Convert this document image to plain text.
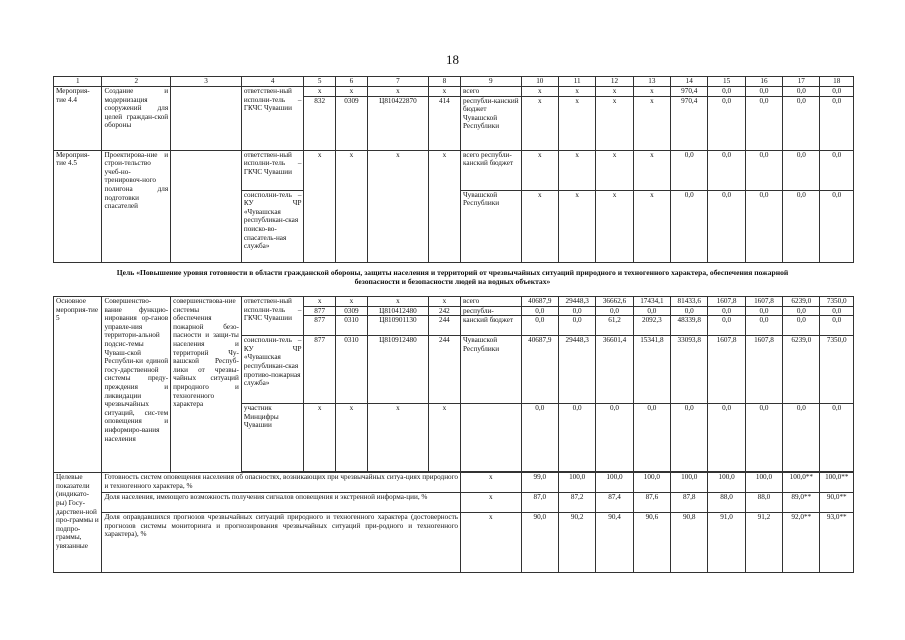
18
1	2	3	4	5	6	7	8	9	10	11	12	13	14	15	16	17	18
Мероприя-тие 4.4	Создание и модернизация сооружений для целей граждан-ской обороны		ответствен-ный исполни-тель – ГКЧС Чувашии	x	x	x	x	всего	x	x	x	x	970,4	0,0	0,0	0,0	0,0
				832	0309	Ц810422870	414	республи-канский бюджет Чувашской Республики	x	x	x	x	970,4	0,0	0,0	0,0	0,0
Мероприя-тие 4.5	Проектирова-ние и строи-тельство учеб-но-тренировоч-ного полигона для подготовки спасателей		ответствен-ный исполни-тель – ГКЧС Чувашии	x	x	x	x	всего республи-канский бюджет	x	x	x	x	0,0	0,0	0,0	0,0	0,0
			соисполни-тель – КУ ЧР «Чувашская республикан-ская поиско-во-спасатель-ная служба»					Чувашской Республики	x	x	x	x	0,0	0,0	0,0	0,0	0,0
Цель «Повышение уровня готовности в области гражданской обороны, защиты населения и территорий от чрезвычайных ситуаций природного и техногенного характера, обеспечения пожарной безопасности и безопасности людей на водных объектах»
Основное мероприя-тие 5	Совершенство-вание функцио-нирования ор-ганов управле-ния территори-альной подсис-темы Чуваш-ской Республи-ки единой госу-дарственной системы преду-преждения и ликвидации чрезвычайных ситуаций, сис-тем оповещения и информиро-вания населения	совершенствова-ние системы обеспечения пожарной безо-пасности и защи-ты населения и территорий Чу-вашской Респуб-лики от чрезвы-чайных ситуаций природного и техногенного характера	ответствен-ный исполни-тель – ГКЧС Чувашии	x	x	x	x	всего	40687,9	29448,3	36662,6	17434,1	81433,6	1607,8	1607,8	6239,0	7350,0
				877	0309	Ц810412480	242	республи-	0,0	0,0	0,0	0,0	0,0	0,0	0,0	0,0	0,0
				877	0310	Ц810901130	244	канский бюджет	0,0	0,0	61,2	2092,3	48339,8	0,0	0,0	0,0	0,0
			соисполни-тель – КУ ЧР «Чувашская республикан-ская противо-пожарная служба»	877	0310	Ц810912480	244	Чувашской Республики	40687,9	29448,3	36601,4	15341,8	33093,8	1607,8	1607,8	6239,0	7350,0
			участник Минцифры Чувашии	x	x	x	x		0,0	0,0	0,0	0,0	0,0	0,0	0,0	0,0	0,0

Целевые показатели (индикато-ры) Госу-дарствен-ной про-граммы и подпро-граммы, увязанные	Готовность систем оповещения населения об опасностях, возникающих при чрезвычайных ситуа-циях природного и техногенного характера, %							x	99,0	100,0	100,0	100,0	100,0	100,0	100,0	100,0**	100,0**
	Доля населения, имеющего возможность получения сигналов оповещения и экстренной информа-ции, %							x	87,0	87,2	87,4	87,6	87,8	88,0	88,0	89,0**	90,0**
	Доля оправдавшихся прогнозов чрезвычайных ситуаций природного и техногенного характера (достоверность прогнозов системы мониторинга и прогнозирования чрезвычайных ситуаций при-родного и техногенного характера), %							x	90,0	90,2	90,4	90,6	90,8	91,0	91,2	92,0**	93,0**
